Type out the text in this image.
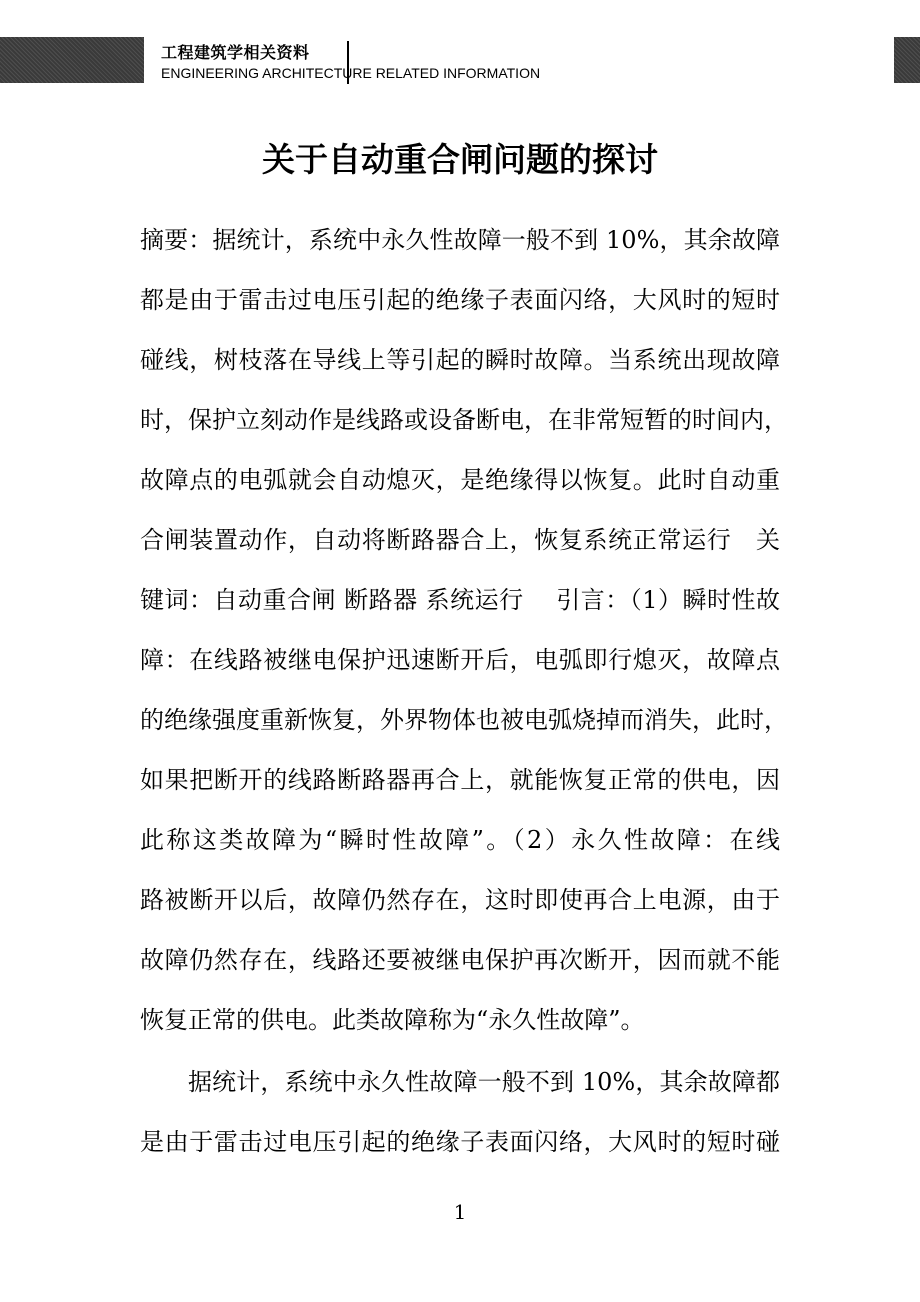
工程建筑学相关资料
ENGINEERING ARCHITECTURE RELATED INFORMATION
关于自动重合闸问题的探讨
摘要：据统计，系统中永久性故障一般不到 10%，其余故障
都是由于雷击过电压引起的绝缘子表面闪络，大风时的短时
碰线，树枝落在导线上等引起的瞬时故障。当系统出现故障
时，保护立刻动作是线路或设备断电，在非常短暂的时间内，
故障点的电弧就会自动熄灭，是绝缘得以恢复。此时自动重
合闸装置动作，自动将断路器合上，恢复系统正常运行　关
键词：自动重合闸 断路器 系统运行　 引言：（1）瞬时性故
障：在线路被继电保护迅速断开后，电弧即行熄灭，故障点
的绝缘强度重新恢复，外界物体也被电弧烧掉而消失，此时，
如果把断开的线路断路器再合上，就能恢复正常的供电，因
此称这类故障为“瞬时性故障”。（2）永久性故障：在线
路被断开以后，故障仍然存在，这时即使再合上电源，由于
故障仍然存在，线路还要被继电保护再次断开，因而就不能
恢复正常的供电。此类故障称为“永久性故障”。
据统计，系统中永久性故障一般不到 10%，其余故障都
是由于雷击过电压引起的绝缘子表面闪络，大风时的短时碰
1
